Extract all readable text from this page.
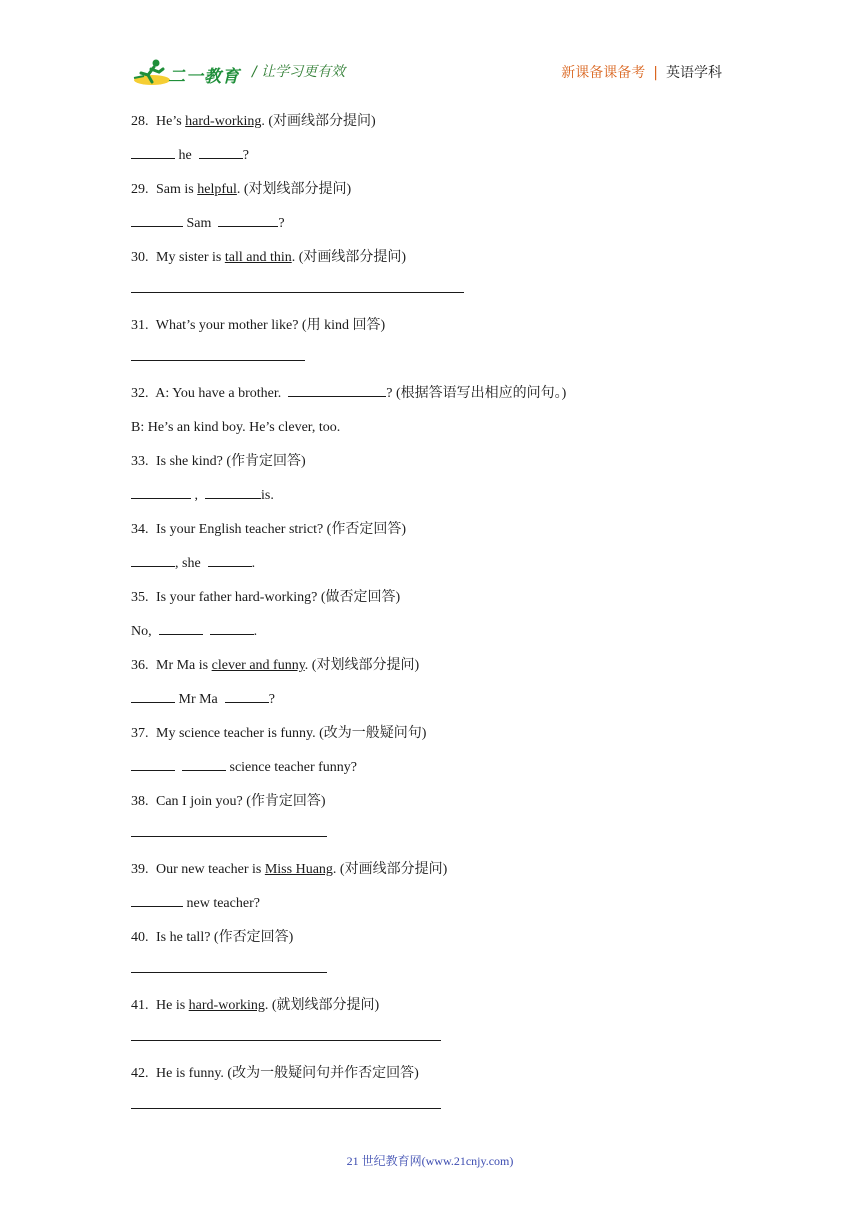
二一教育 / 让学习更有效	新课备课备考 | 英语学科
28. He’s hard-working. (对画线部分提问)
he	?
29. Sam is helpful. (对划线部分提问)
Sam	?
30. My sister is tall and thin. (对画线部分提问)
31. What’s your mother like? (用 kind 回答)
32. A: You have a brother.	? (根据答语写出相应的问句。)
B: He’s an kind boy. He’s clever, too.
33. Is she kind? (作肯定回答)
,	is.
34. Is your English teacher strict? (作否定回答)
, she	.
35. Is your father hard-working? (做否定回答)
No,	.
36. Mr Ma is clever and funny. (对划线部分提问)
Mr Ma	?
37. My science teacher is funny. (改为一般疑问句)
science teacher funny?
38. Can I join you? (作肯定回答)
39. Our new teacher is Miss Huang. (对画线部分提问)
new teacher?
40. Is he tall? (作否定回答)
41. He is hard-working. (就划线部分提问)
42. He is funny. (改为一般疑问句并作否定回答)
21 世纪教育网(www.21cnjy.com)
